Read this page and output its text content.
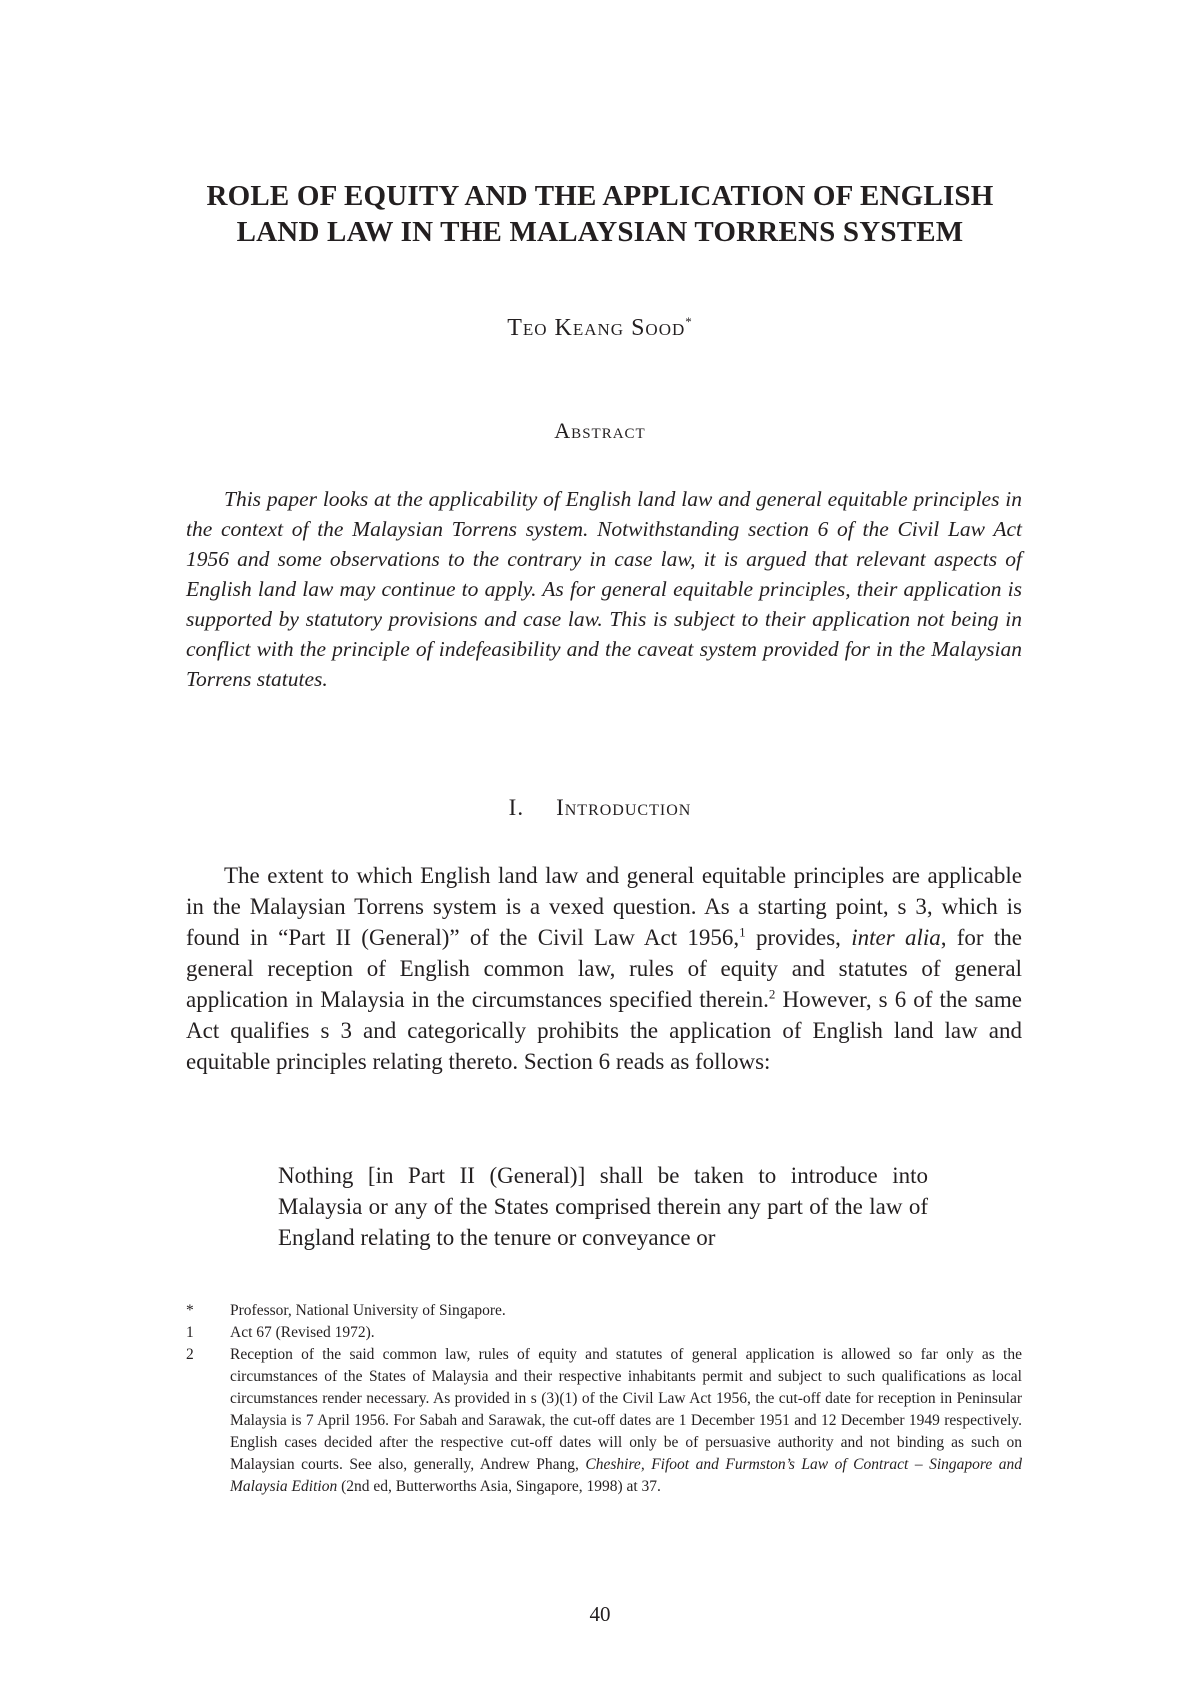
ROLE OF EQUITY AND THE APPLICATION OF ENGLISH
LAND LAW IN THE MALAYSIAN TORRENS SYSTEM
Teo Keang Sood*
Abstract

This paper looks at the applicability of English land law and general equitable principles in the context of the Malaysian Torrens system. Notwithstanding section 6 of the Civil Law Act 1956 and some observations to the contrary in case law, it is argued that relevant aspects of English land law may continue to apply. As for general equitable principles, their application is supported by statutory provisions and case law. This is subject to their application not being in conflict with the principle of indefeasibility and the caveat system provided for in the Malaysian Torrens statutes.

I. Introduction

The extent to which English land law and general equitable principles are applicable in the Malaysian Torrens system is a vexed question. As a starting point, s 3, which is found in “Part II (General)” of the Civil Law Act 1956,$^1$ provides, inter alia, for the general reception of English common law, rules of equity and statutes of general application in Malaysia in the circumstances specified therein.$^2$ However, s 6 of the same Act qualifies s 3 and categorically prohibits the application of English land law and equitable principles relating thereto. Section 6 reads as follows:

Nothing [in Part II (General)] shall be taken to introduce into Malaysia or any of the States comprised therein any part of the law of England relating to the tenure or conveyance or

* Professor, National University of Singapore.
1 Act 67 (Revised 1972).
2 Reception of the said common law, rules of equity and statutes of general application is allowed so far only as the circumstances of the States of Malaysia and their respective inhabitants permit and subject to such qualifications as local circumstances render necessary. As provided in s (3)(1) of the Civil Law Act 1956, the cut-off date for reception in Peninsular Malaysia is 7 April 1956. For Sabah and Sarawak, the cut-off dates are 1 December 1951 and 12 December 1949 respectively. English cases decided after the respective cut-off dates will only be of persuasive authority and not binding as such on Malaysian courts. See also, generally, Andrew Phang, Cheshire, Fifoot and Furmston’s Law of Contract – Singapore and Malaysia Edition (2nd ed, Butterworths Asia, Singapore, 1998) at 37.
40
